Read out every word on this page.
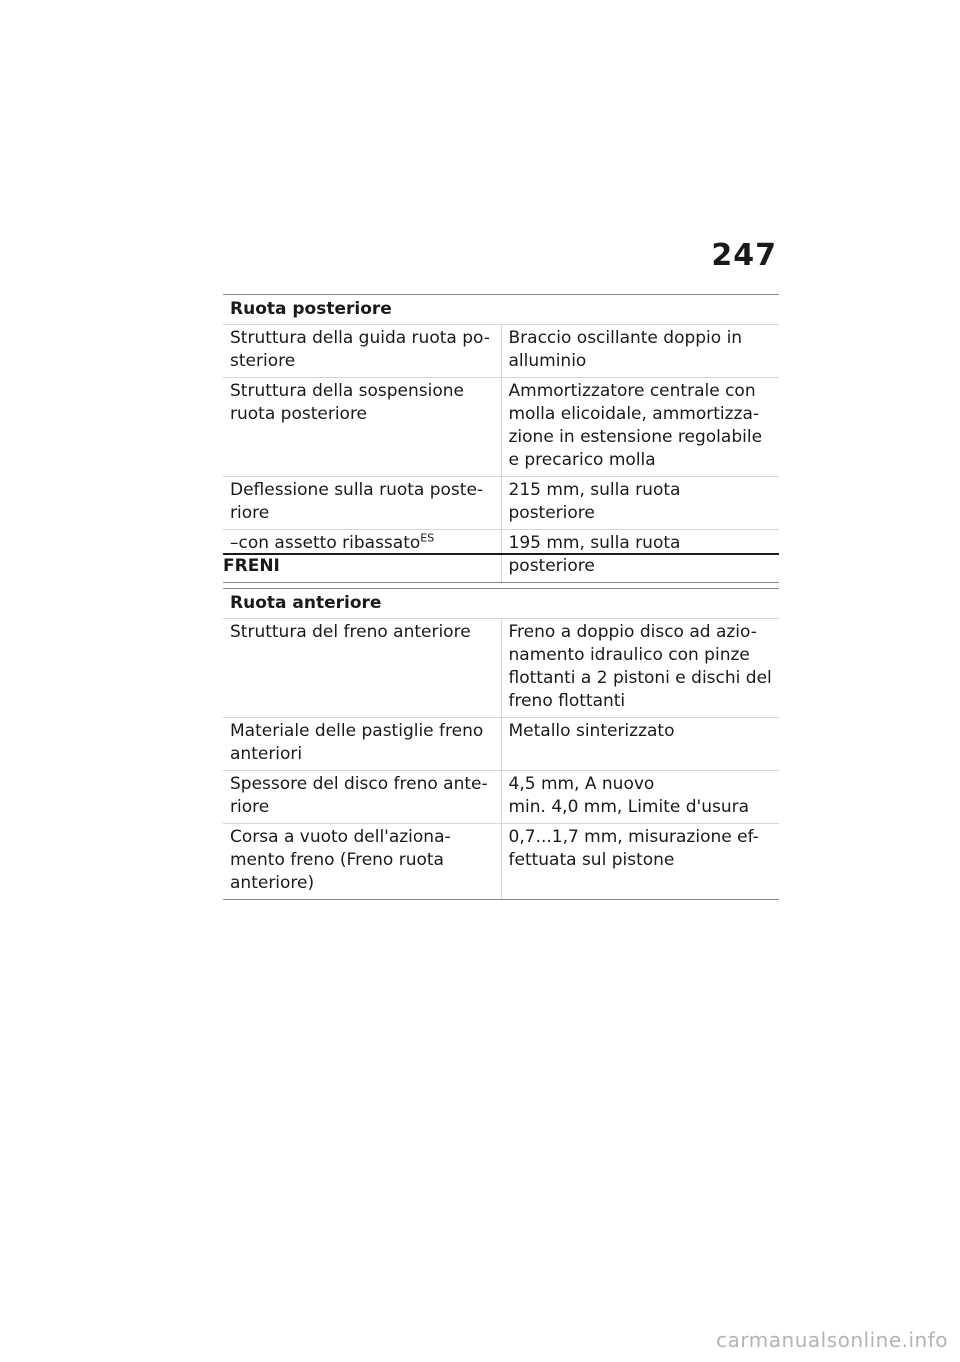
247
Ruota posteriore	

Struttura della guida ruota po-
steriore	Braccio oscillante doppio in
alluminio

Struttura della sospensione
ruota posteriore	Ammortizzatore centrale con
molla elicoidale, ammortizza-
zione in estensione regolabile
e precarico molla

Deflessione sulla ruota poste-
riore	215 mm, sulla ruota posteriore

–con assetto ribassato$^{ES}$	195 mm, sulla ruota posteriore
FRENI
Ruota anteriore	

Struttura del freno anteriore	Freno a doppio disco ad azio-
namento idraulico con pinze
flottanti a 2 pistoni e dischi del
freno flottanti

Materiale delle pastiglie freno
anteriori	Metallo sinterizzato

Spessore del disco freno ante-
riore	4,5 mm, A nuovo
min. 4,0 mm, Limite d'usura

Corsa a vuoto dell'aziona-
mento freno (Freno ruota
anteriore)	0,7...1,7 mm, misurazione ef-
fettuata sul pistone
carmanualsonline.info
